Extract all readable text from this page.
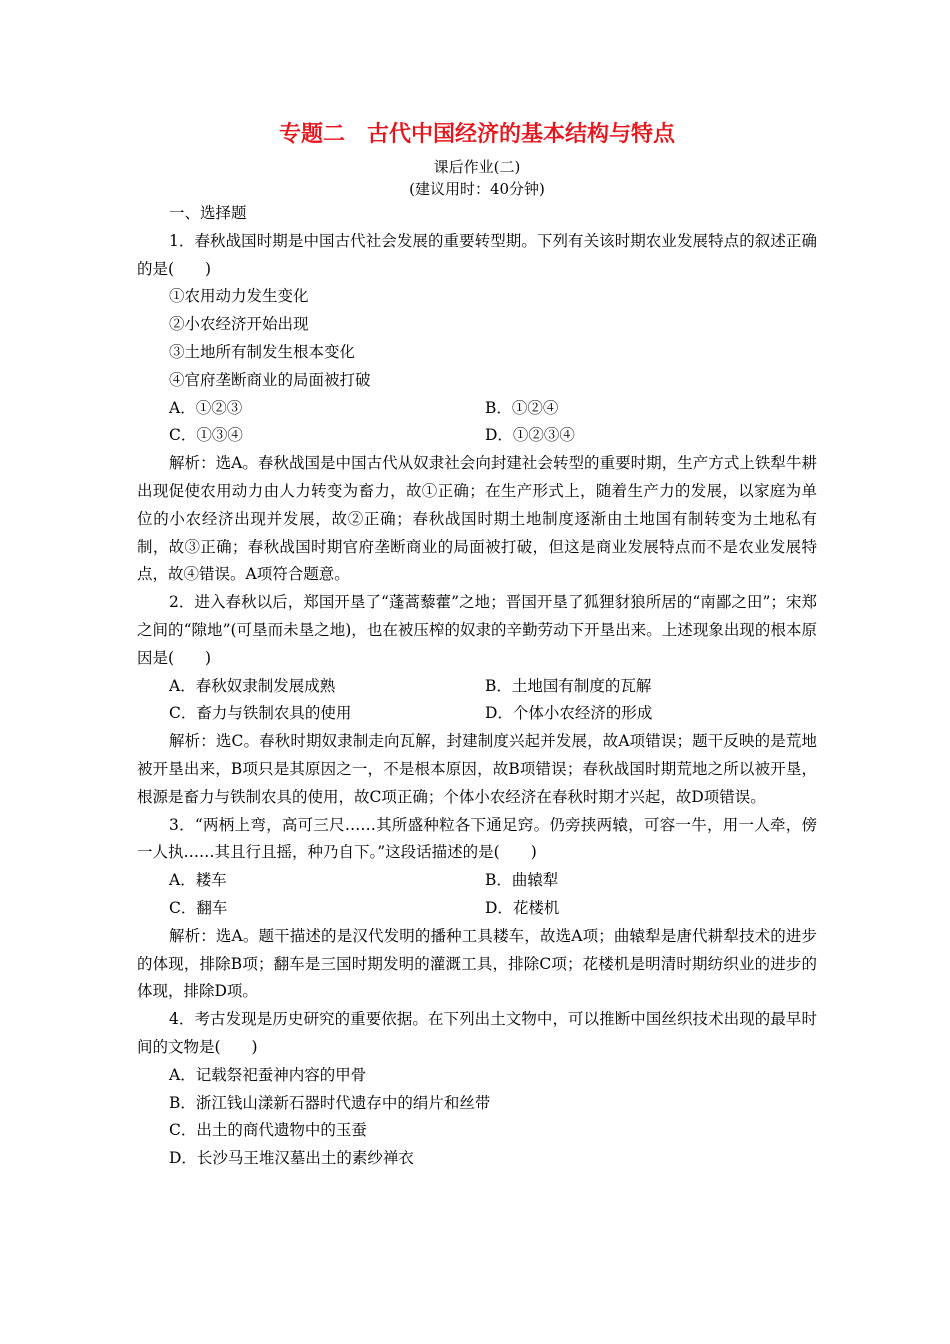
专题二　古代中国经济的基本结构与特点

课后作业(二)

(建议用时：40分钟)

一、选择题

1．春秋战国时期是中国古代社会发展的重要转型期。下列有关该时期农业发展特点的叙述正确的是(　　)

①农用动力发生变化

②小农经济开始出现

③土地所有制发生根本变化

④官府垄断商业的局面被打破

A．①②③	B．①②④
C．①③④	D．①②③④

解析：选A。春秋战国是中国古代从奴隶社会向封建社会转型的重要时期，生产方式上铁犁牛耕出现促使农用动力由人力转变为畜力，故①正确；在生产形式上，随着生产力的发展，以家庭为单位的小农经济出现并发展，故②正确；春秋战国时期土地制度逐渐由土地国有制转变为土地私有制，故③正确；春秋战国时期官府垄断商业的局面被打破，但这是商业发展特点而不是农业发展特点，故④错误。A项符合题意。

2．进入春秋以后，郑国开垦了“蓬蒿藜藿”之地；晋国开垦了狐狸豺狼所居的“南鄙之田”；宋郑之间的“隙地”(可垦而未垦之地)，也在被压榨的奴隶的辛勤劳动下开垦出来。上述现象出现的根本原因是(　　)

A．春秋奴隶制发展成熟	B．土地国有制度的瓦解
C．畜力与铁制农具的使用	D．个体小农经济的形成

解析：选C。春秋时期奴隶制走向瓦解，封建制度兴起并发展，故A项错误；题干反映的是荒地被开垦出来，B项只是其原因之一，不是根本原因，故B项错误；春秋战国时期荒地之所以被开垦，根源是畜力与铁制农具的使用，故C项正确；个体小农经济在春秋时期才兴起，故D项错误。

3．“两柄上弯，高可三尺……其所盛种粒各下通足窍。仍旁挟两辕，可容一牛，用一人牵，傍一人执……其且行且摇，种乃自下。”这段话描述的是(　　)

A．耧车	B．曲辕犁
C．翻车	D．花楼机

解析：选A。题干描述的是汉代发明的播种工具耧车，故选A项；曲辕犁是唐代耕犁技术的进步的体现，排除B项；翻车是三国时期发明的灌溉工具，排除C项；花楼机是明清时期纺织业的进步的体现，排除D项。

4．考古发现是历史研究的重要依据。在下列出土文物中，可以推断中国丝织技术出现的最早时间的文物是(　　)

A．记载祭祀蚕神内容的甲骨

B．浙江钱山漾新石器时代遗存中的绢片和丝带

C．出土的商代遗物中的玉蚕

D．长沙马王堆汉墓出土的素纱禅衣
